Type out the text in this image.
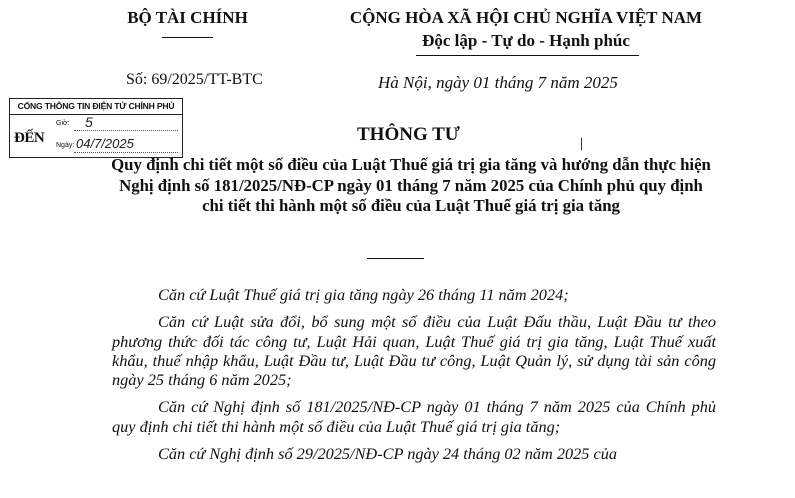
BỘ TÀI CHÍNH	CỘNG HÒA XÃ HỘI CHỦ NGHĨA VIỆT NAM
Độc lập - Tự do - Hạnh phúc
Số: 69/2025/TT-BTC	Hà Nội, ngày 01 tháng 7 năm 2025
CỔNG THÔNG TIN ĐIỆN TỬ CHÍNH PHỦ
ĐẾN
Giờ: 5
Ngày: 04/7/2025	THÔNG TƯ
Quy định chi tiết một số điều của Luật Thuế giá trị gia tăng và hướng dẫn thực hiện Nghị định số 181/2025/NĐ-CP ngày 01 tháng 7 năm 2025 của Chính phủ quy định chi tiết thi hành một số điều của Luật Thuế giá trị gia tăng

Căn cứ Luật Thuế giá trị gia tăng ngày 26 tháng 11 năm 2024;

Căn cứ Luật sửa đổi, bổ sung một số điều của Luật Đấu thầu, Luật Đầu tư theo phương thức đối tác công tư, Luật Hải quan, Luật Thuế giá trị gia tăng, Luật Thuế xuất khẩu, thuế nhập khẩu, Luật Đầu tư, Luật Đầu tư công, Luật Quản lý, sử dụng tài sản công ngày 25 tháng 6 năm 2025;

Căn cứ Nghị định số 181/2025/NĐ-CP ngày 01 tháng 7 năm 2025 của Chính phủ quy định chi tiết thi hành một số điều của Luật Thuế giá trị gia tăng;

Căn cứ Nghị định số 29/2025/NĐ-CP ngày 24 tháng 02 năm 2025 của
